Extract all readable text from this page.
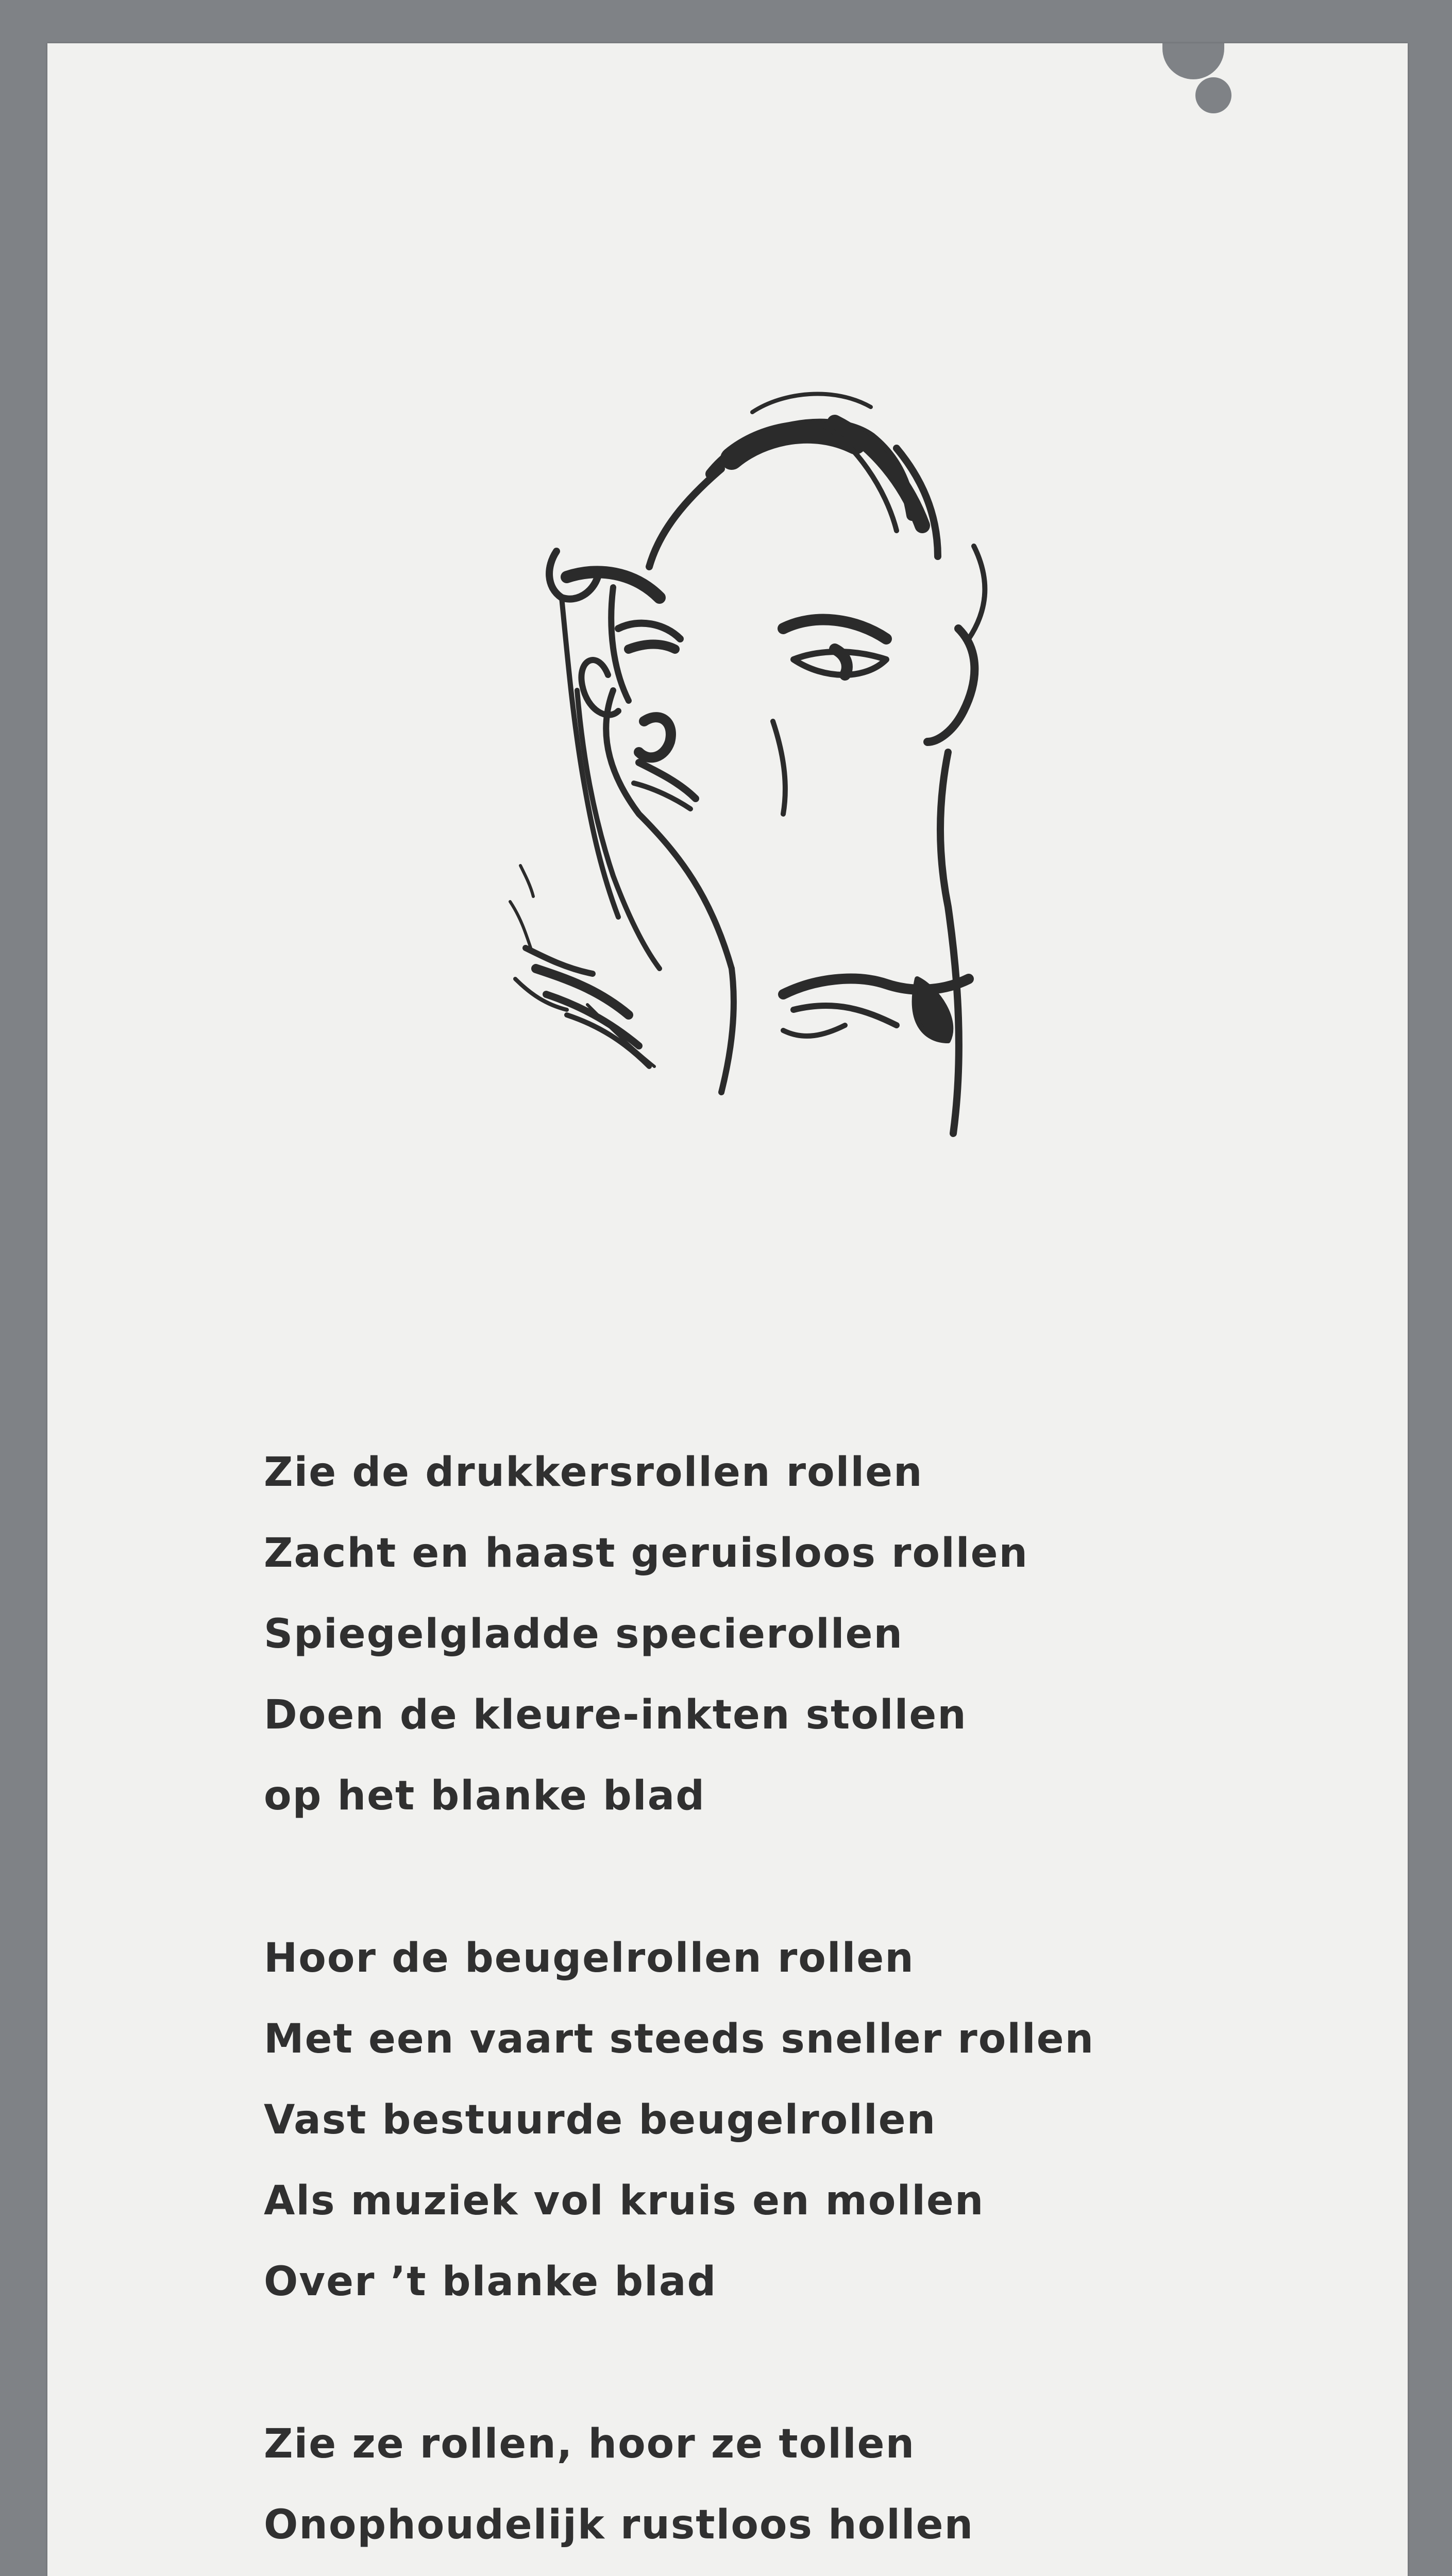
Zie de drukkersrollen rollen
Zacht en haast geruisloos rollen
Spiegelgladde specierollen
Doen de kleure-inkten stollen
op het blanke blad
Hoor de beugelrollen rollen
Met een vaart steeds sneller rollen
Vast bestuurde beugelrollen
Als muziek vol kruis en mollen
Over ’t blanke blad
Zie ze rollen, hoor ze tollen
Onophoudelijk rustloos hollen
